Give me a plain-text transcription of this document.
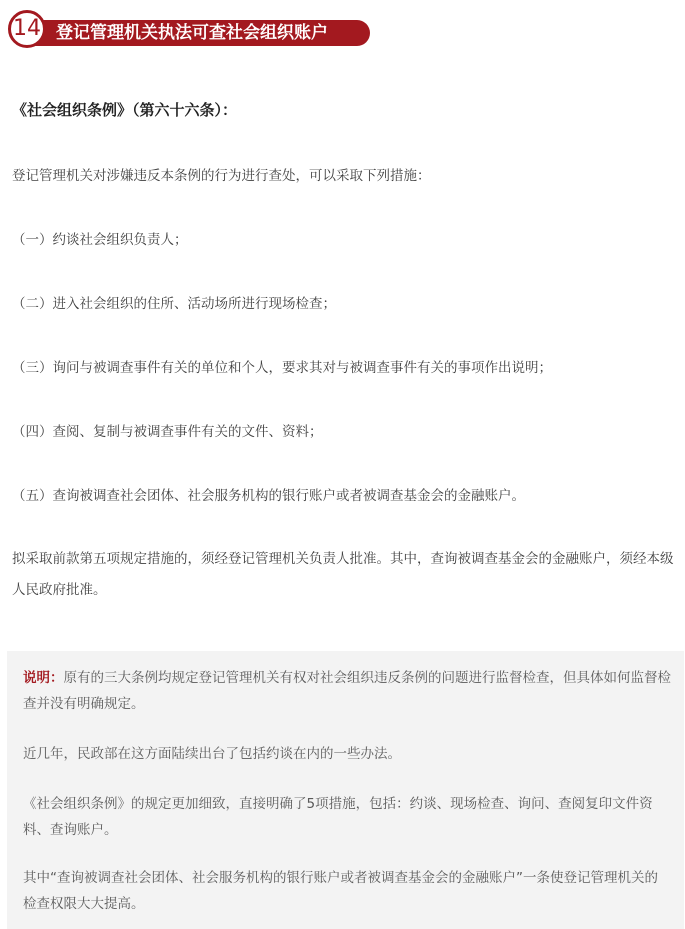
登记管理机关执法可查社会组织账户
14
《社会组织条例》（第六十六条）：
登记管理机关对涉嫌违反本条例的行为进行查处，可以采取下列措施：
（一）约谈社会组织负责人；
（二）进入社会组织的住所、活动场所进行现场检查；
（三）询问与被调查事件有关的单位和个人，要求其对与被调查事件有关的事项作出说明；
（四）查阅、复制与被调查事件有关的文件、资料；
（五）查询被调查社会团体、社会服务机构的银行账户或者被调查基金会的金融账户。
拟采取前款第五项规定措施的，须经登记管理机关负责人批准。其中，查询被调查基金会的金融账户，须经本级人民政府批准。
说明：原有的三大条例均规定登记管理机关有权对社会组织违反条例的问题进行监督检查，但具体如何监督检查并没有明确规定。
近几年，民政部在这方面陆续出台了包括约谈在内的一些办法。
《社会组织条例》的规定更加细致，直接明确了5项措施，包括：约谈、现场检查、询问、查阅复印文件资料、查询账户。
其中“查询被调查社会团体、社会服务机构的银行账户或者被调查基金会的金融账户”一条使登记管理机关的检查权限大大提高。
